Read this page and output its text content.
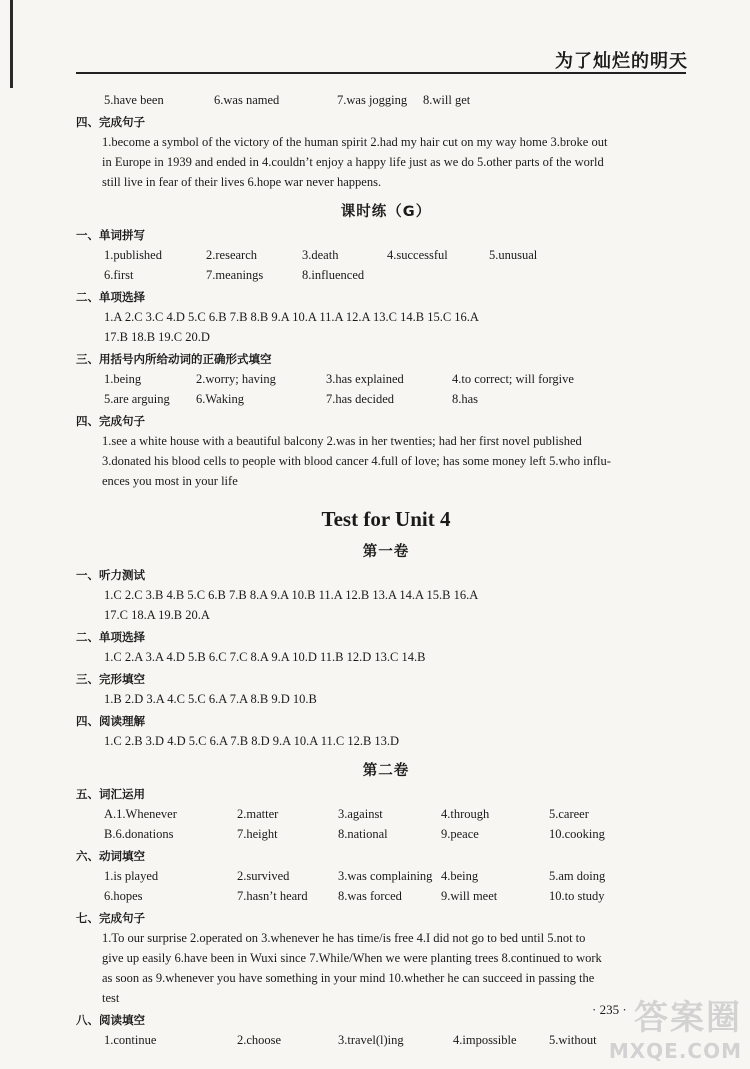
为了灿烂的明天
5.have been	6.was named	7.was jogging 8.will get
四、完成句子
1.become a symbol of the victory of the human spirit 2.had my hair cut on my way home 3.broke out
in Europe in 1939 and ended in 4.couldn’t enjoy a happy life just as we do 5.other parts of the world
still live in fear of their lives 6.hope war never happens.
课时练（G）
一、单词拼写
1.published	2.research	3.death	4.successful	5.unusual
6.first	7.meanings	8.influenced
二、单项选择
1.A 2.C 3.C 4.D 5.C 6.B 7.B 8.B 9.A 10.A 11.A 12.A 13.C 14.B 15.C 16.A
17.B 18.B 19.C 20.D
三、用括号内所给动词的正确形式填空
1.being	2.worry; having	3.has explained	4.to correct; will forgive
5.are arguing 6.Waking	7.has decided	8.has
四、完成句子
1.see a white house with a beautiful balcony 2.was in her twenties; had her first novel published
3.donated his blood cells to people with blood cancer 4.full of love; has some money left 5.who influ-
ences you most in your life
Test for Unit 4
第一卷
一、听力测试
1.C 2.C 3.B 4.B 5.C 6.B 7.B 8.A 9.A 10.B 11.A 12.B 13.A 14.A 15.B 16.A
17.C 18.A 19.B 20.A
二、单项选择
1.C 2.A 3.A 4.D 5.B 6.C 7.C 8.A 9.A 10.D 11.B 12.D 13.C 14.B
三、完形填空
1.B 2.D 3.A 4.C 5.C 6.A 7.A 8.B 9.D 10.B
四、阅读理解
1.C 2.B 3.D 4.D 5.C 6.A 7.B 8.D 9.A 10.A 11.C 12.B 13.D
第二卷
五、词汇运用
A.1.Whenever	2.matter	3.against	4.through	5.career
B.6.donations	7.height	8.national	9.peace	10.cooking
六、动词填空
1.is played	2.survived	3.was complaining 4.being	5.am doing
6.hopes	7.hasn’t heard 8.was forced	9.will meet	10.to study
七、完成句子
1.To our surprise 2.operated on 3.whenever he has time/is free 4.I did not go to bed until 5.not to
give up easily 6.have been in Wuxi since 7.While/When we were planting trees 8.continued to work
as soon as 9.whenever you have something in your mind 10.whether he can succeed in passing the
test
八、阅读填空
1.continue	2.choose	3.travel(l)ing	4.impossible	5.without
· 235 · 答案圈
MXQE.COM
